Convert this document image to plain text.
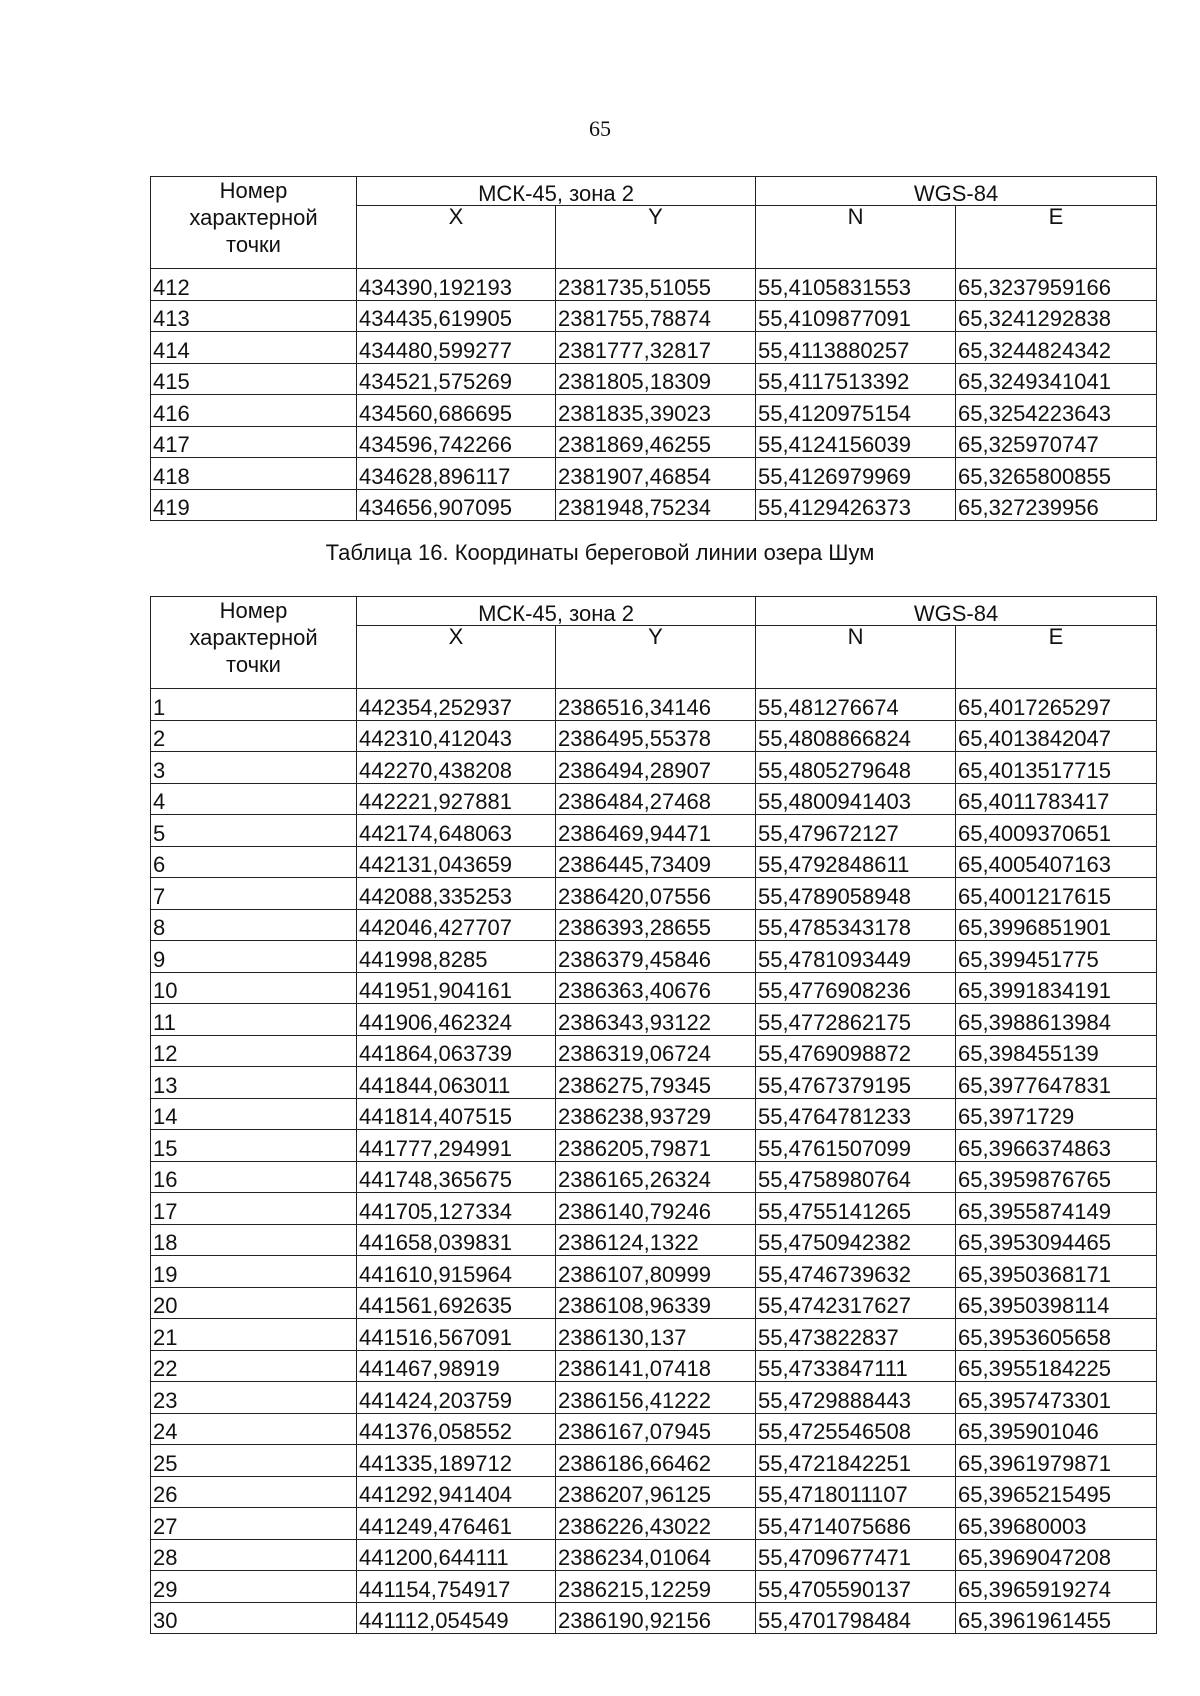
65
Номер
характерной
точки	МСК-45, зона 2		WGS-84	
	X	Y	N	E
412	434390,192193	2381735,51055	55,4105831553	65,3237959166
413	434435,619905	2381755,78874	55,4109877091	65,3241292838
414	434480,599277	2381777,32817	55,4113880257	65,3244824342
415	434521,575269	2381805,18309	55,4117513392	65,3249341041
416	434560,686695	2381835,39023	55,4120975154	65,3254223643
417	434596,742266	2381869,46255	55,4124156039	65,325970747
418	434628,896117	2381907,46854	55,4126979969	65,3265800855
419	434656,907095	2381948,75234	55,4129426373	65,327239956
Таблица 16. Координаты береговой линии озера Шум
Номер
характерной
точки	МСК-45, зона 2		WGS-84	
	X	Y	N	E
1	442354,252937	2386516,34146	55,481276674	65,4017265297
2	442310,412043	2386495,55378	55,4808866824	65,4013842047
3	442270,438208	2386494,28907	55,4805279648	65,4013517715
4	442221,927881	2386484,27468	55,4800941403	65,4011783417
5	442174,648063	2386469,94471	55,479672127	65,4009370651
6	442131,043659	2386445,73409	55,4792848611	65,4005407163
7	442088,335253	2386420,07556	55,4789058948	65,4001217615
8	442046,427707	2386393,28655	55,4785343178	65,3996851901
9	441998,8285	2386379,45846	55,4781093449	65,399451775
10	441951,904161	2386363,40676	55,4776908236	65,3991834191
11	441906,462324	2386343,93122	55,4772862175	65,3988613984
12	441864,063739	2386319,06724	55,4769098872	65,398455139
13	441844,063011	2386275,79345	55,4767379195	65,3977647831
14	441814,407515	2386238,93729	55,4764781233	65,3971729
15	441777,294991	2386205,79871	55,4761507099	65,3966374863
16	441748,365675	2386165,26324	55,4758980764	65,3959876765
17	441705,127334	2386140,79246	55,4755141265	65,3955874149
18	441658,039831	2386124,1322	55,4750942382	65,3953094465
19	441610,915964	2386107,80999	55,4746739632	65,3950368171
20	441561,692635	2386108,96339	55,4742317627	65,3950398114
21	441516,567091	2386130,137	55,473822837	65,3953605658
22	441467,98919	2386141,07418	55,4733847111	65,3955184225
23	441424,203759	2386156,41222	55,4729888443	65,3957473301
24	441376,058552	2386167,07945	55,4725546508	65,395901046
25	441335,189712	2386186,66462	55,4721842251	65,3961979871
26	441292,941404	2386207,96125	55,4718011107	65,3965215495
27	441249,476461	2386226,43022	55,4714075686	65,39680003
28	441200,644111	2386234,01064	55,4709677471	65,3969047208
29	441154,754917	2386215,12259	55,4705590137	65,3965919274
30	441112,054549	2386190,92156	55,4701798484	65,3961961455
